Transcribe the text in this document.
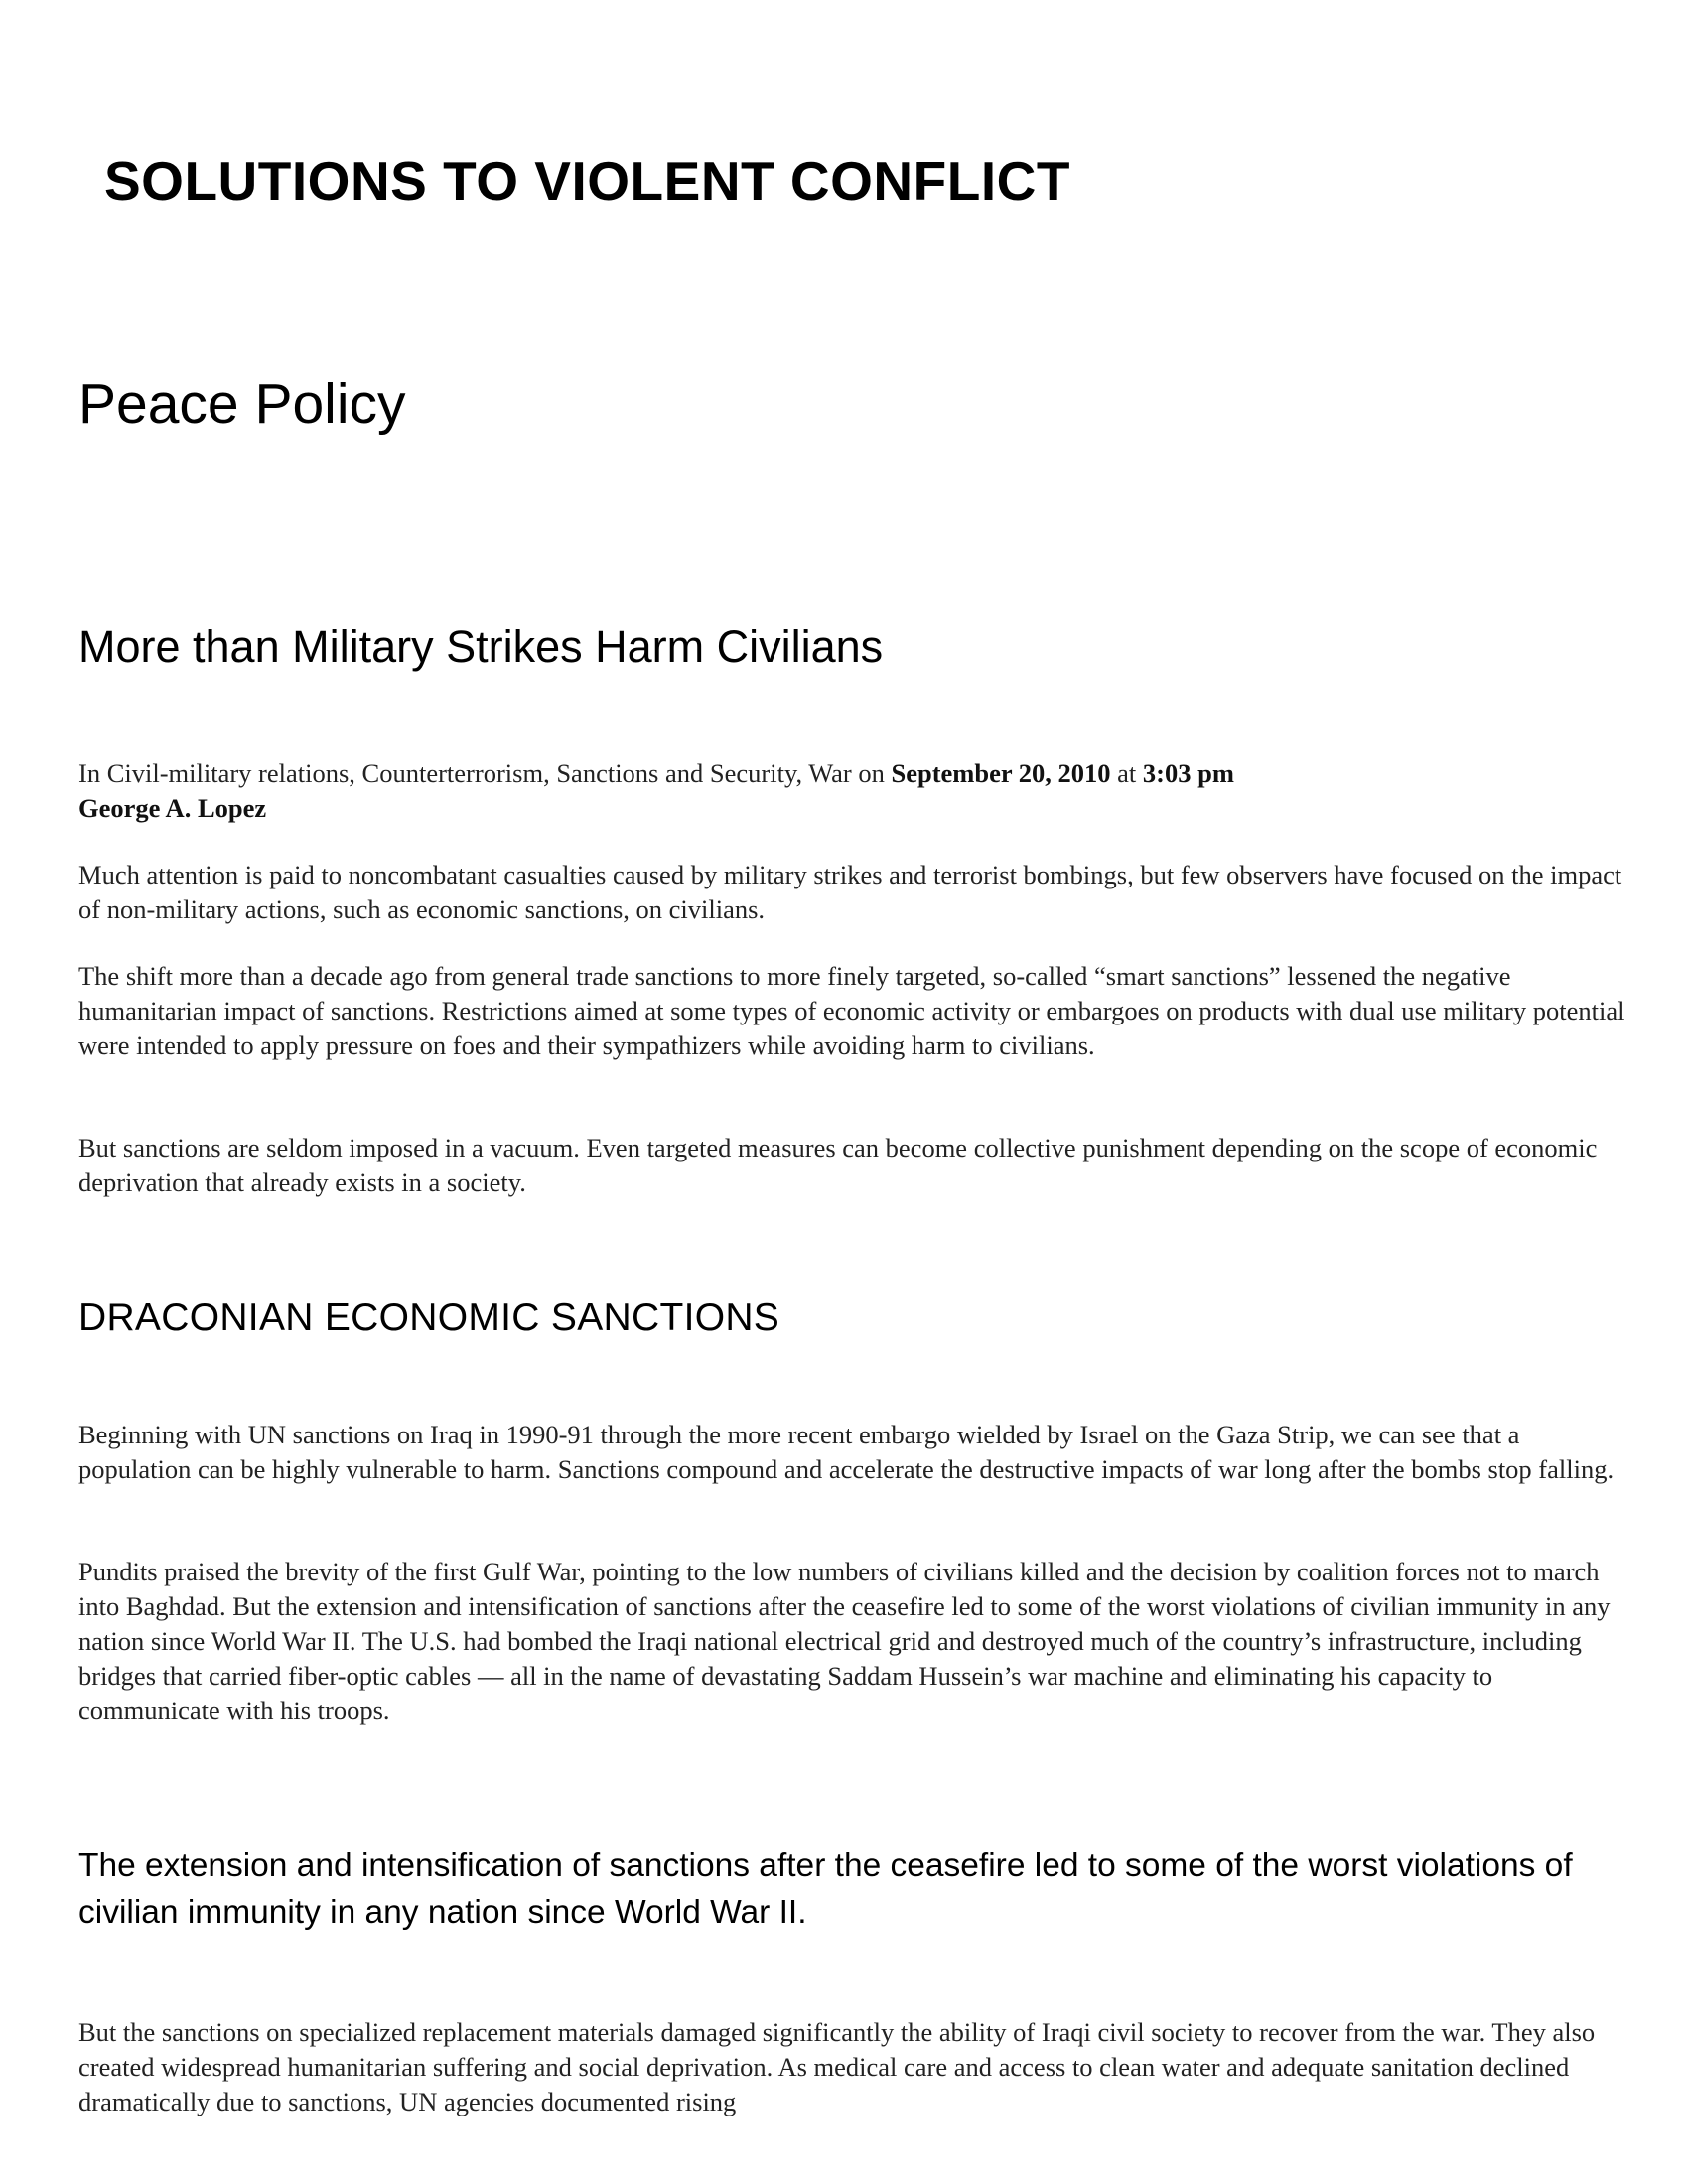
SOLUTIONS TO VIOLENT CONFLICT
Peace Policy
More than Military Strikes Harm Civilians

In Civil-military relations, Counterterrorism, Sanctions and Security, War on September 20, 2010 at 3:03 pm
George A. Lopez

Much attention is paid to noncombatant casualties caused by military strikes and terrorist bombings, but few observers have focused on the impact of non-military actions, such as economic sanctions, on civilians.

The shift more than a decade ago from general trade sanctions to more finely targeted, so-called “smart sanctions” lessened the negative humanitarian impact of sanctions. Restrictions aimed at some types of economic activity or embargoes on products with dual use military potential were intended to apply pressure on foes and their sympathizers while avoiding harm to civilians.

But sanctions are seldom imposed in a vacuum. Even targeted measures can become collective punishment depending on the scope of economic deprivation that already exists in a society.

DRACONIAN ECONOMIC SANCTIONS

Beginning with UN sanctions on Iraq in 1990-91 through the more recent embargo wielded by Israel on the Gaza Strip, we can see that a population can be highly vulnerable to harm. Sanctions compound and accelerate the destructive impacts of war long after the bombs stop falling.

Pundits praised the brevity of the first Gulf War, pointing to the low numbers of civilians killed and the decision by coalition forces not to march into Baghdad. But the extension and intensification of sanctions after the ceasefire led to some of the worst violations of civilian immunity in any nation since World War II. The U.S. had bombed the Iraqi national electrical grid and destroyed much of the country’s infrastructure, including bridges that carried fiber-optic cables — all in the name of devastating Saddam Hussein’s war machine and eliminating his capacity to communicate with his troops.

The extension and intensification of sanctions after the ceasefire led to some of the worst violations of civilian immunity in any nation since World War II.

But the sanctions on specialized replacement materials damaged significantly the ability of Iraqi civil society to recover from the war. They also created widespread humanitarian suffering and social deprivation. As medical care and access to clean water and adequate sanitation declined dramatically due to sanctions, UN agencies documented rising
